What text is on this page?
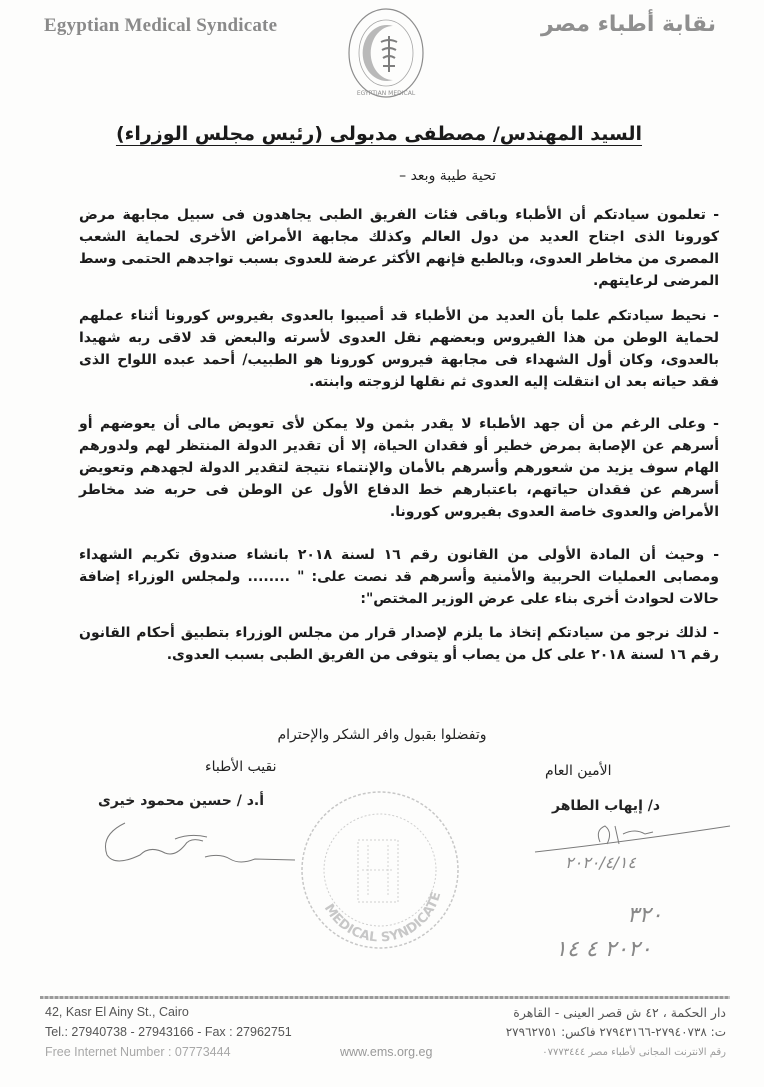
Egyptian Medical Syndicate
EGYPTIAN MEDICAL
نقابة أطباء مصر
السيد المهندس/ مصطفى مدبولى (رئيس مجلس الوزراء)
تحية طيبة وبعد –
- تعلمون سيادتكم أن الأطباء وباقى فئات الفريق الطبى يجاهدون فى سبيل مجابهة مرض كورونا الذى اجتاح العديد من دول العالم وكذلك مجابهة الأمراض الأخرى لحماية الشعب المصرى من مخاطر العدوى، وبالطبع فإنهم الأكثر عرضة للعدوى بسبب تواجدهم الحتمى وسط المرضى لرعايتهم.
- نحيط سيادتكم علما بأن العديد من الأطباء قد أصيبوا بالعدوى بفيروس كورونا أثناء عملهم لحماية الوطن من هذا الفيروس وبعضهم نقل العدوى لأسرته والبعض قد لاقى ربه شهيدا بالعدوى، وكان أول الشهداء فى مجابهة فيروس كورونا هو الطبيب/ أحمد عبده اللواح الذى فقد حياته بعد ان انتقلت إليه العدوى ثم نقلها لزوجته وابنته.
- وعلى الرغم من أن جهد الأطباء لا يقدر بثمن ولا يمكن لأى تعويض مالى أن يعوضهم أو أسرهم عن الإصابة بمرض خطير أو فقدان الحياة، إلا أن تقدير الدولة المنتظر لهم ولدورهم الهام سوف يزيد من شعورهم وأسرهم بالأمان والإنتماء نتيجة لتقدير الدولة لجهدهم وتعويض أسرهم عن فقدان حياتهم، باعتبارهم خط الدفاع الأول عن الوطن فى حربه ضد مخاطر الأمراض والعدوى خاصة العدوى بفيروس كورونا.
- وحيث أن المادة الأولى من القانون رقم ١٦ لسنة ٢٠١٨ بانشاء صندوق تكريم الشهداء ومصابى العمليات الحربية والأمنية وأسرهم قد نصت على: " ........ ولمجلس الوزراء إضافة حالات لحوادث أخرى بناء على عرض الوزير المختص":
- لذلك نرجو من سيادتكم إتخاذ ما يلزم لإصدار قرار من مجلس الوزراء بتطبيق أحكام القانون رقم ١٦ لسنة ٢٠١٨ على كل من يصاب أو يتوفى من الفريق الطبى بسبب العدوى.
وتفضلوا بقبول وافر الشكر والإحترام
نقيب الأطباء
أ.د / حسين محمود خيرى
الأمين العام
د/ إيهاب الطاهر
MEDICAL SYNDICATE
٢٠٢٠/٤/١٤
٣٢٠
٢٠٢٠ ٤ ١٤
42, Kasr El Ainy St., Cairo
Tel.: 27940738 - 27943166 - Fax : 27962751
Free Internet Number : 07773444	www.ems.org.eg
دار الحكمة ، ٤٢ ش قصر العينى - القاهرة
ت: ٢٧٩٤٠٧٣٨-٢٧٩٤٣١٦٦ فاكس: ٢٧٩٦٢٧٥١
رقم الانترنت المجانى لأطباء مصر ٠٧٧٧٣٤٤٤
